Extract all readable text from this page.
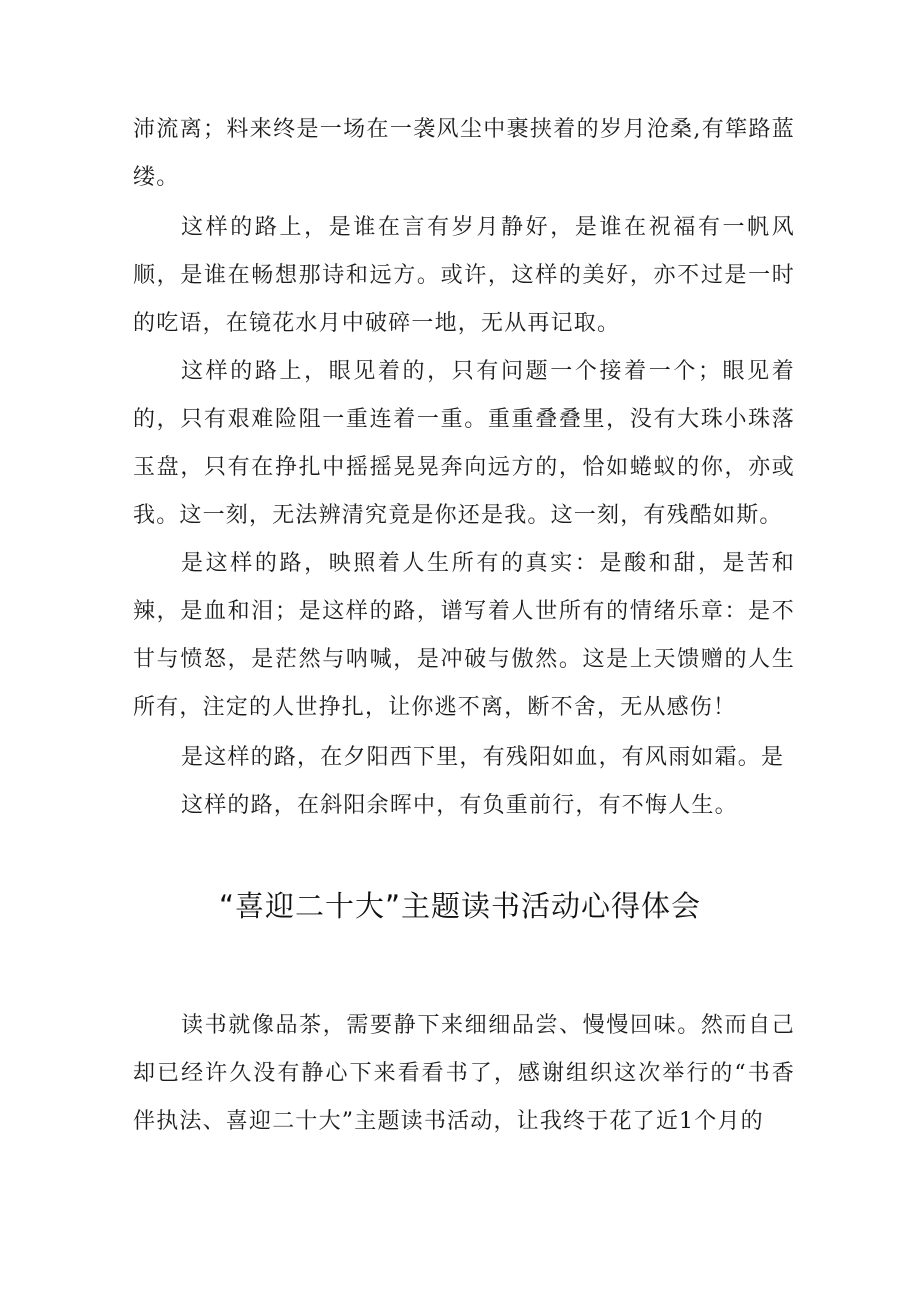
沛流离；料来终是一场在一袭风尘中裹挟着的岁月沧桑,有筚路蓝缕。

这样的路上，是谁在言有岁月静好，是谁在祝福有一帆风顺，是谁在畅想那诗和远方。或许，这样的美好，亦不过是一时的吃语，在镜花水月中破碎一地，无从再记取。

这样的路上，眼见着的，只有问题一个接着一个；眼见着的，只有艰难险阻一重连着一重。重重叠叠里，没有大珠小珠落玉盘，只有在挣扎中摇摇晃晃奔向远方的，恰如蜷蚁的你，亦或我。这一刻，无法辨清究竟是你还是我。这一刻，有残酷如斯。

是这样的路，映照着人生所有的真实：是酸和甜，是苦和辣，是血和泪；是这样的路，谱写着人世所有的情绪乐章：是不甘与愤怒，是茫然与呐喊，是冲破与傲然。这是上天馈赠的人生所有，注定的人世挣扎，让你逃不离，断不舍，无从感伤！

是这样的路，在夕阳西下里，有残阳如血，有风雨如霜。是

这样的路，在斜阳余晖中，有负重前行，有不悔人生。

“喜迎二十大”主题读书活动心得体会

读书就像品茶，需要静下来细细品尝、慢慢回味。然而自己却已经许久没有静心下来看看书了，感谢组织这次举行的“书香伴执法、喜迎二十大”主题读书活动，让我终于花了近1个月的
